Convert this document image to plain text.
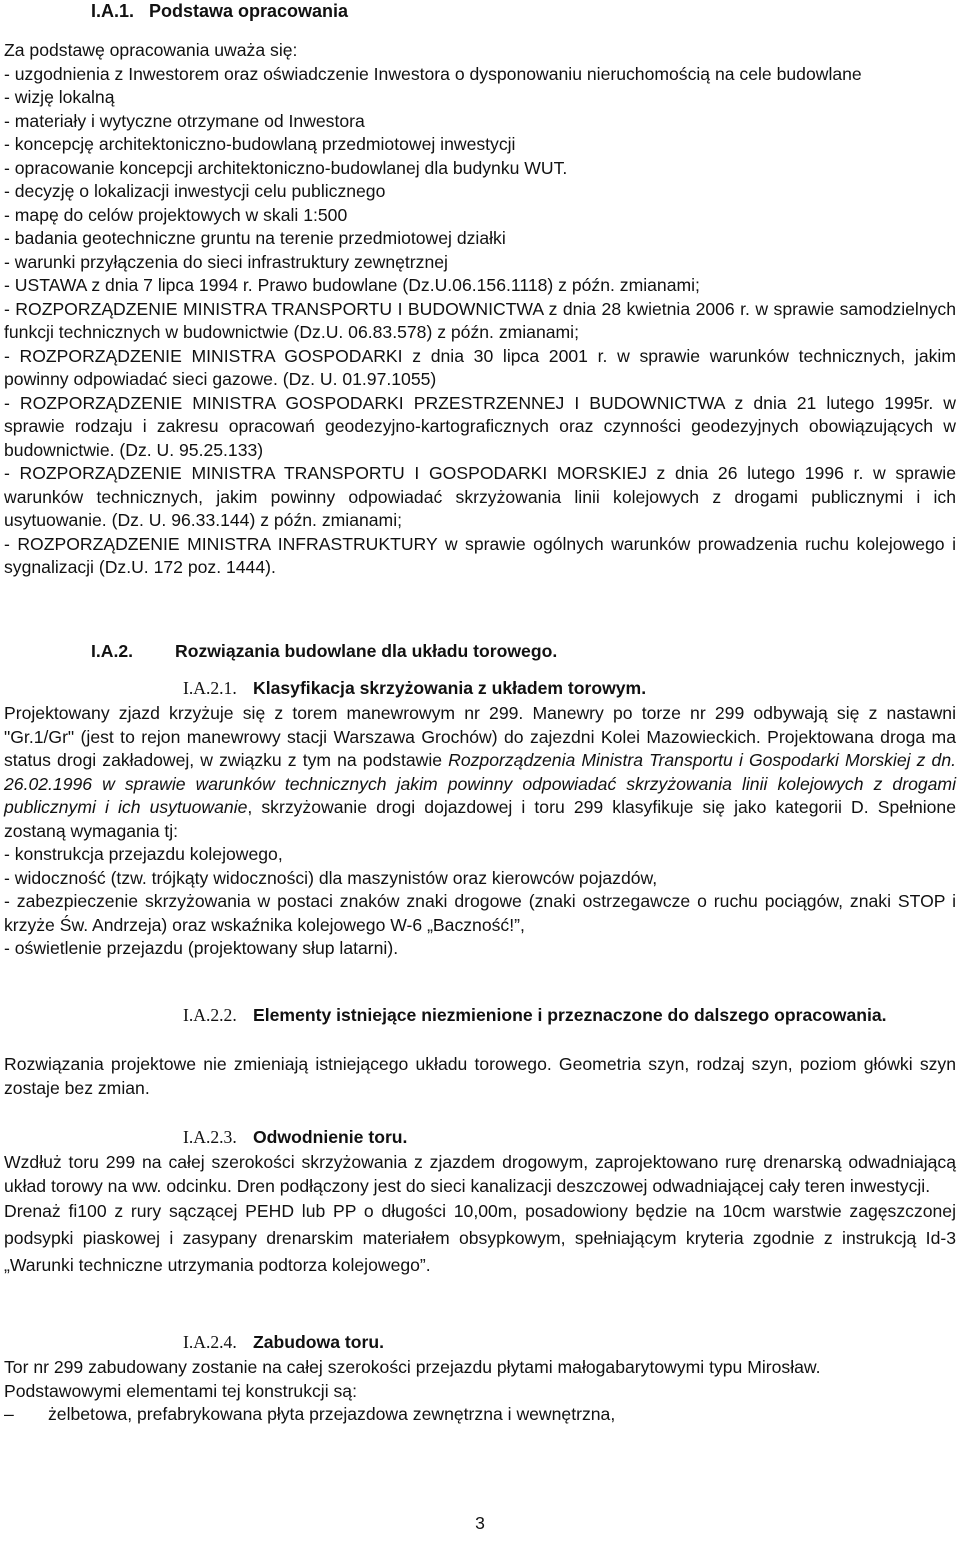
I.A.1. Podstawa opracowania

Za podstawę opracowania uważa się:

- uzgodnienia z Inwestorem oraz oświadczenie Inwestora o dysponowaniu nieruchomością na cele budowlane

- wizję lokalną

- materiały i wytyczne otrzymane od Inwestora

- koncepcję architektoniczno-budowlaną przedmiotowej inwestycji

- opracowanie koncepcji architektoniczno-budowlanej dla budynku WUT.

- decyzję o lokalizacji inwestycji celu publicznego

- mapę do celów projektowych w skali 1:500

- badania geotechniczne gruntu na terenie przedmiotowej działki

- warunki przyłączenia do sieci infrastruktury zewnętrznej

- USTAWA z dnia 7 lipca 1994 r. Prawo budowlane (Dz.U.06.156.1118) z późn. zmianami;

- ROZPORZĄDZENIE MINISTRA TRANSPORTU I BUDOWNICTWA z dnia 28 kwietnia 2006 r. w sprawie samodzielnych funkcji technicznych w budownictwie (Dz.U. 06.83.578) z późn. zmianami;

- ROZPORZĄDZENIE MINISTRA GOSPODARKI z dnia 30 lipca 2001 r. w sprawie warunków technicznych, jakim powinny odpowiadać sieci gazowe. (Dz. U. 01.97.1055)

- ROZPORZĄDZENIE MINISTRA GOSPODARKI PRZESTRZENNEJ I BUDOWNICTWA z dnia 21 lutego 1995r. w sprawie rodzaju i zakresu opracowań geodezyjno-kartograficznych oraz czynności geodezyjnych obowiązujących w budownictwie. (Dz. U. 95.25.133)

- ROZPORZĄDZENIE MINISTRA TRANSPORTU I GOSPODARKI MORSKIEJ z dnia 26 lutego 1996 r. w sprawie warunków technicznych, jakim powinny odpowiadać skrzyżowania linii kolejowych z drogami publicznymi i ich usytuowanie. (Dz. U. 96.33.144) z późn. zmianami;

- ROZPORZĄDZENIE MINISTRA INFRASTRUKTURY w sprawie ogólnych warunków prowadzenia ruchu kolejowego i sygnalizacji (Dz.U. 172 poz. 1444).

I.A.2. Rozwiązania budowlane dla układu torowego.
I.A.2.1. Klasyfikacja skrzyżowania z układem torowym.

Projektowany zjazd krzyżuje się z torem manewrowym nr 299. Manewry po torze nr 299 odbywają się z nastawni "Gr.1/Gr" (jest to rejon manewrowy stacji Warszawa Grochów) do zajezdni Kolei Mazowieckich. Projektowana droga ma status drogi zakładowej, w związku z tym na podstawie Rozporządzenia Ministra Transportu i Gospodarki Morskiej z dn. 26.02.1996 w sprawie warunków technicznych jakim powinny odpowiadać skrzyżowania linii kolejowych z drogami publicznymi i ich usytuowanie, skrzyżowanie drogi dojazdowej i toru 299 klasyfikuje się jako kategorii D. Spełnione zostaną wymagania tj:

- konstrukcja przejazdu kolejowego,

- widoczność (tzw. trójkąty widoczności) dla maszynistów oraz kierowców pojazdów,

- zabezpieczenie skrzyżowania w postaci znaków znaki drogowe (znaki ostrzegawcze o ruchu pociągów, znaki STOP i krzyże Św. Andrzeja) oraz wskaźnika kolejowego W-6 „Baczność!”,

- oświetlenie przejazdu (projektowany słup latarni).

I.A.2.2. Elementy istniejące niezmienione i przeznaczone do dalszego opracowania.

Rozwiązania projektowe nie zmieniają istniejącego układu torowego. Geometria szyn, rodzaj szyn, poziom główki szyn zostaje bez zmian.

I.A.2.3. Odwodnienie toru.

Wzdłuż toru 299 na całej szerokości skrzyżowania z zjazdem drogowym, zaprojektowano rurę drenarską odwadniającą układ torowy na ww. odcinku. Dren podłączony jest do sieci kanalizacji deszczowej odwadniającej cały teren inwestycji.

Drenaż fi100 z rury sączącej PEHD lub PP o długości 10,00m, posadowiony będzie na 10cm warstwie zagęszczonej podsypki piaskowej i zasypany drenarskim materiałem obsypkowym, spełniającym kryteria zgodnie z instrukcją Id-3 „Warunki techniczne utrzymania podtorza kolejowego”.

I.A.2.4. Zabudowa toru.

Tor nr 299 zabudowany zostanie na całej szerokości przejazdu płytami małogabarytowymi typu Mirosław.

Podstawowymi elementami tej konstrukcji są:

–	żelbetowa, prefabrykowana płyta przejazdowa zewnętrzna i wewnętrzna,
3
